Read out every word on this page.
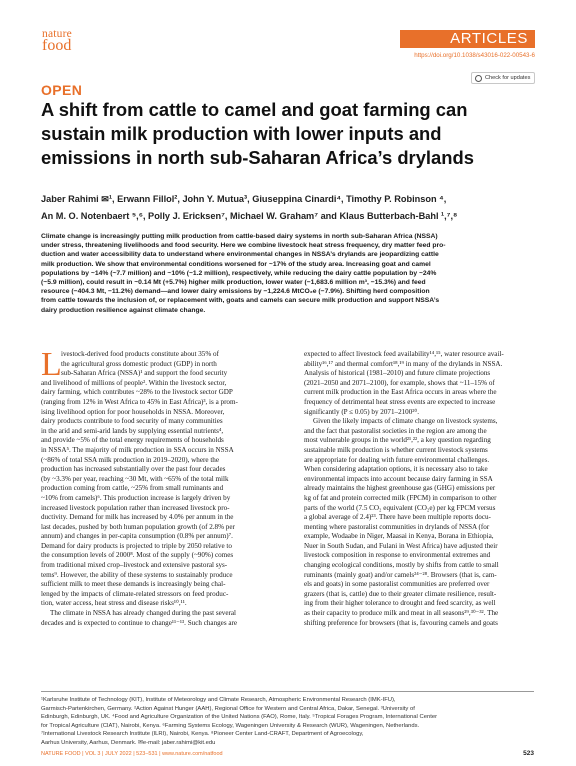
nature
food	ARTICLES
https://doi.org/10.1038/s43016-022-00543-6
Check for updates
OPEN
A shift from cattle to camel and goat farming can
sustain milk production with lower inputs and
emissions in north sub-Saharan Africa’s drylands
Jaber Rahimi ✉¹, Erwann Fillol², John Y. Mutua³, Giuseppina Cinardi⁴, Timothy P. Robinson ⁴,
An M. O. Notenbaert ⁵,⁶, Polly J. Ericksen⁷, Michael W. Graham⁷ and Klaus Butterbach-Bahl ¹,⁷,⁸
Climate change is increasingly putting milk production from cattle-based dairy systems in north sub-Saharan Africa (NSSA)
under stress, threatening livelihoods and food security. Here we combine livestock heat stress frequency, dry matter feed pro-
duction and water accessibility data to understand where environmental changes in NSSA’s drylands are jeopardizing cattle
milk production. We show that environmental conditions worsened for ~17% of the study area. Increasing goat and camel
populations by ~14% (~7.7 million) and ~10% (~1.2 million), respectively, while reducing the dairy cattle population by ~24%
(~5.9 million), could result in ~0.14 Mt (+5.7%) higher milk production, lower water (−1,683.6 million m³, −15.3%) and feed
resource (−404.3 Mt, −11.2%) demand—and lower dairy emissions by −1,224.6 MtCO₂e (−7.9%). Shifting herd composition
from cattle towards the inclusion of, or replacement with, goats and camels can secure milk production and support NSSA’s
dairy production resilience against climate change.
L ivestock-derived food products constitute about 35% of
the agricultural gross domestic product (GDP) in north
sub-Saharan Africa (NSSA)¹ and support the food security
and livelihood of millions of people². Within the livestock sector,
dairy farming, which contributes ~28% to the livestock sector GDP
(ranging from 12% in West Africa to 45% in East Africa)³, is a prom-
ising livelihood option for poor households in NSSA. Moreover,
dairy products contribute to food security of many communities
in the arid and semi-arid lands by supplying essential nutrients⁴,
and provide ~5% of the total energy requirements of households
in NSSA⁵. The majority of milk production in SSA occurs in NSSA
(~86% of total SSA milk production in 2019–2020), where the
production has increased substantially over the past four decades
(by ~3.3% per year, reaching ~30 Mt, with ~65% of the total milk
production coming from cattle, ~25% from small ruminants and
~10% from camels)⁶. This production increase is largely driven by
increased livestock population rather than increased livestock pro-
ductivity. Demand for milk has increased by 4.0% per annum in the
last decades, pushed by both human population growth (of 2.8% per
annum) and changes in per-capita consumption (0.8% per annum)⁷.
Demand for dairy products is projected to triple by 2050 relative to
the consumption levels of 2000⁸. Most of the supply (~90%) comes
from traditional mixed crop–livestock and extensive pastoral sys-
tems⁹. However, the ability of these systems to sustainably produce
sufficient milk to meet these demands is increasingly being chal-
lenged by the impacts of climate-related stressors on feed produc-
tion, water access, heat stress and disease risks¹⁰,¹¹.
The climate in NSSA has already changed during the past several
decades and is expected to continue to change¹¹⁻¹³. Such changes are
expected to affect livestock feed availability¹⁴,¹⁵, water resource avail-
ability¹⁶,¹⁷ and thermal comfort¹⁸,¹⁹ in many of the drylands in NSSA.
Analysis of historical (1981–2010) and future climate projections
(2021–2050 and 2071–2100), for example, shows that ~11–15% of
current milk production in the East Africa occurs in areas where the
frequency of detrimental heat stress events are expected to increase
significantly (P ≤ 0.05) by 2071–2100²⁰.
Given the likely impacts of climate change on livestock systems,
and the fact that pastoralist societies in the region are among the
most vulnerable groups in the world²¹,²², a key question regarding
sustainable milk production is whether current livestock systems
are appropriate for dealing with future environmental challenges.
When considering adaptation options, it is necessary also to take
environmental impacts into account because dairy farming in SSA
already maintains the highest greenhouse gas (GHG) emissions per
kg of fat and protein corrected milk (FPCM) in comparison to other
parts of the world (7.5 CO₂ equivalent (CO₂e) per kg FPCM versus
a global average of 2.4)²³. There have been multiple reports docu-
menting where pastoralist communities in drylands of NSSA (for
example, Wodaabe in Niger, Maasai in Kenya, Borana in Ethiopia,
Nuer in South Sudan, and Fulani in West Africa) have adjusted their
livestock composition in response to environmental extremes and
changing ecological conditions, mostly by shifts from cattle to small
ruminants (mainly goat) and/or camels²⁴⁻²⁸. Browsers (that is, cam-
els and goats) in some pastoralist communities are preferred over
grazers (that is, cattle) due to their greater climate resilience, result-
ing from their higher tolerance to drought and feed scarcity, as well
as their capacity to produce milk and meat in all seasons²⁹,³⁰⁻³². The
shifting preference for browsers (that is, favouring camels and goats
¹Karlsruhe Institute of Technology (KIT), Institute of Meteorology and Climate Research, Atmospheric Environmental Research (IMK-IFU),
Garmisch-Partenkirchen, Germany. ²Action Against Hunger (AAH), Regional Office for Western and Central Africa, Dakar, Senegal. ³University of
Edinburgh, Edinburgh, UK. ⁴Food and Agriculture Organization of the United Nations (FAO), Rome, Italy. ⁵Tropical Forages Program, International Center
for Tropical Agriculture (CIAT), Nairobi, Kenya. ⁶Farming Systems Ecology, Wageningen University & Research (WUR), Wageningen, Netherlands.
⁷International Livestock Research Institute (ILRI), Nairobi, Kenya. ⁸Pioneer Center Land-CRAFT, Department of Agroecology,
Aarhus University, Aarhus, Denmark. ✉e-mail: jaber.rahimi@kit.edu
NATURE FOOD | VOL 3 | JULY 2022 | 523–531 | www.nature.com/natfood	523
